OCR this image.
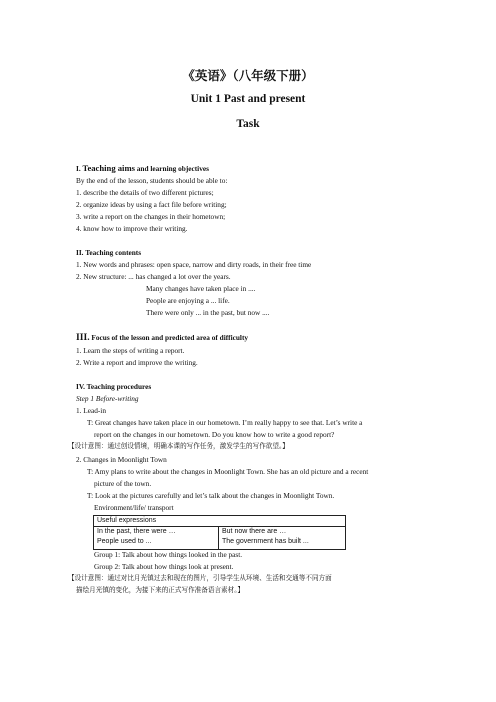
《英语》（八年级下册）
Unit 1 Past and present
Task
I. Teaching aims and learning objectives
By the end of the lesson, students should be able to:
1. describe the details of two different pictures;
2. organize ideas by using a fact file before writing;
3. write a report on the changes in their hometown;
4. know how to improve their writing.
II. Teaching contents
1. New words and phrases: open space, narrow and dirty roads, in their free time
2. New structure: ... has changed a lot over the years.
Many changes have taken place in ....
People are enjoying a ... life.
There were only ... in the past, but now ....
III. Focus of the lesson and predicted area of difficulty
1. Learn the steps of writing a report.
2. Write a report and improve the writing.
IV. Teaching procedures
Step 1 Before-writing
1. Lead-in
T: Great changes have taken place in our hometown. I’m really happy to see that. Let’s write a
report on the changes in our hometown. Do you know how to write a good report?
【设计意图：通过创设情境，明确本课的写作任务，激发学生的写作欲望。】
2. Changes in Moonlight Town
T: Amy plans to write about the changes in Moonlight Town. She has an old picture and a recent
picture of the town.
T: Look at the pictures carefully and let’s talk about the changes in Moonlight Town.
Environment/life/ transport
Useful expressions

In the past, there were …
People used to ...

But now there are …
The government has built ...
Group 1: Talk about how things looked in the past.
Group 2: Talk about how things look at present.
【设计意图：通过对比月光镇过去和现在的图片，引导学生从环境、生活和交通等不同方面
描绘月光镇的变化，为接下来的正式写作准备语言素材。】
